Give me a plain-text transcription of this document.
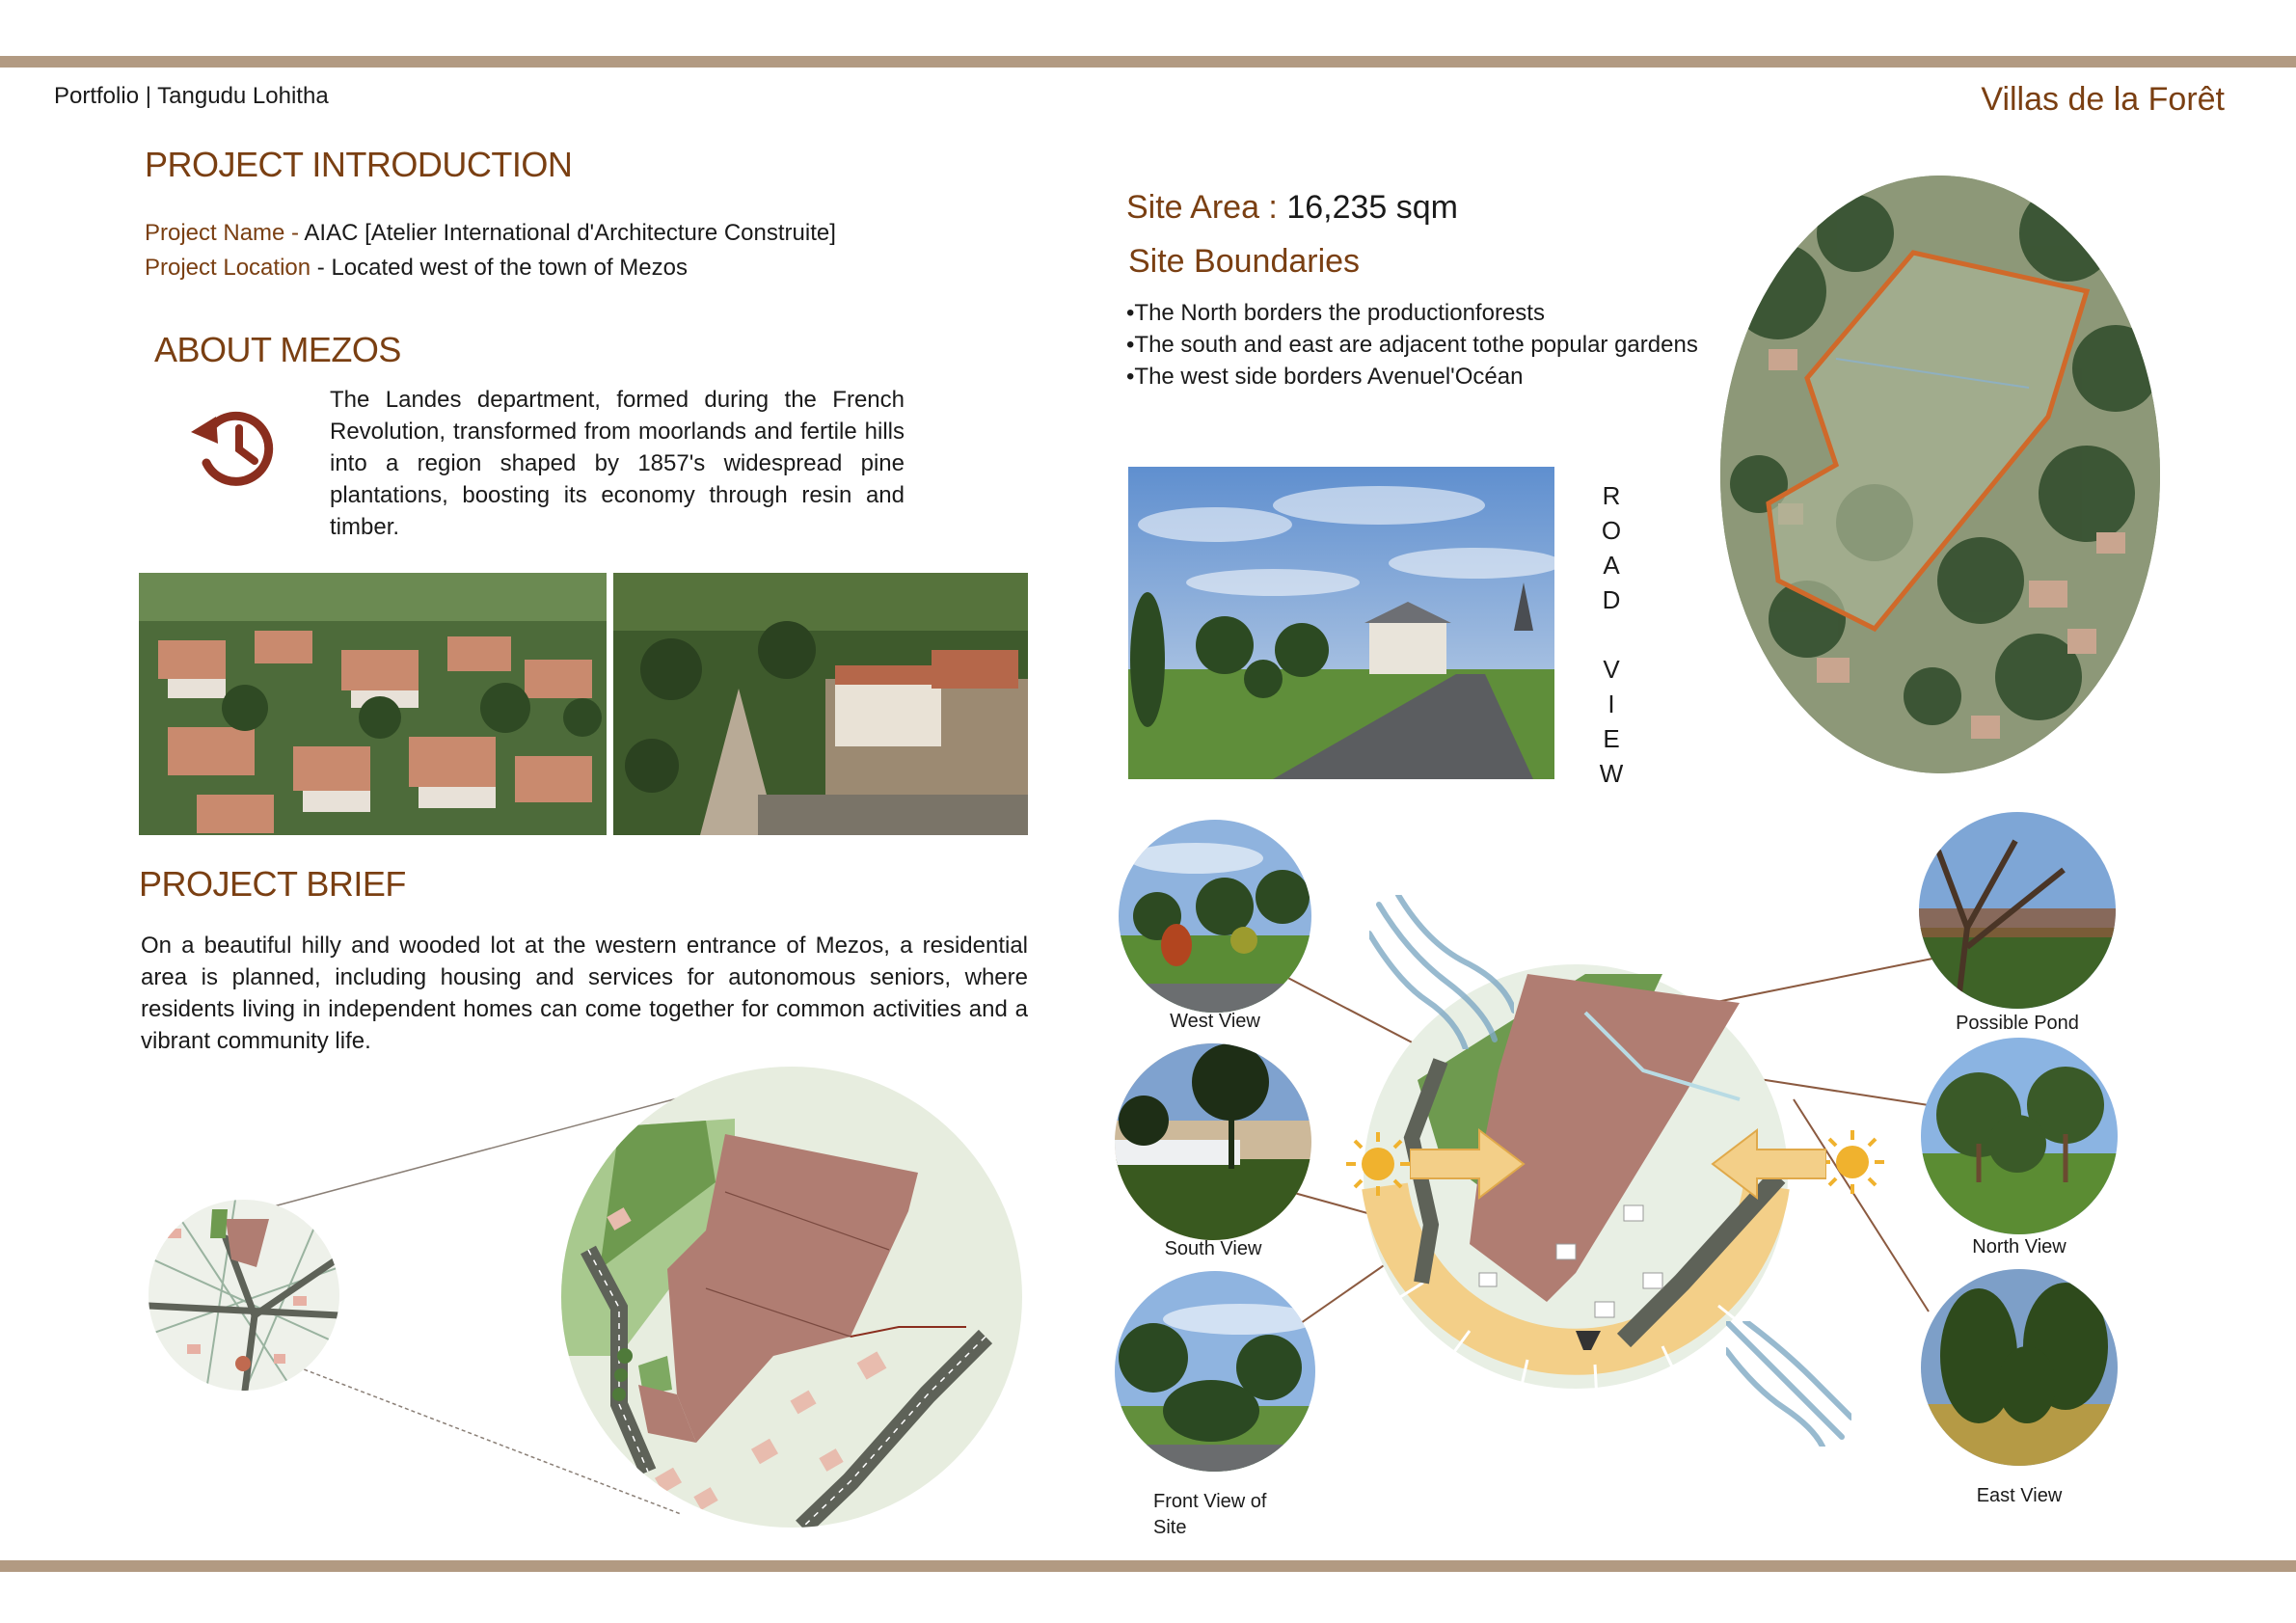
Portfolio | Tangudu Lohitha	Villas de la Forêt
PROJECT INTRODUCTION
Project Name - AIAC [Atelier International d'Architecture Construite]
Project Location - Located west of the town of Mezos
ABOUT MEZOS
The Landes department, formed during the French Revolution, transformed from moorlands and fertile hills into a region shaped by 1857's widespread pine plantations, boosting its economy through resin and timber.
PROJECT BRIEF
On a beautiful hilly and wooded lot at the western entrance of Mezos, a residential area is planned, including housing and services for autonomous seniors, where residents living in independent homes can come together for common activities and a vibrant community life.
Site Area : 16,235 sqm
Site Boundaries
•The North borders the productionforests
•The south and east are adjacent tothe popular gardens
•The west side borders Avenuel'Océan
R
O
A
D

V
I
E
W
West View
South View
Front View of Site
Possible Pond
North View
East View
